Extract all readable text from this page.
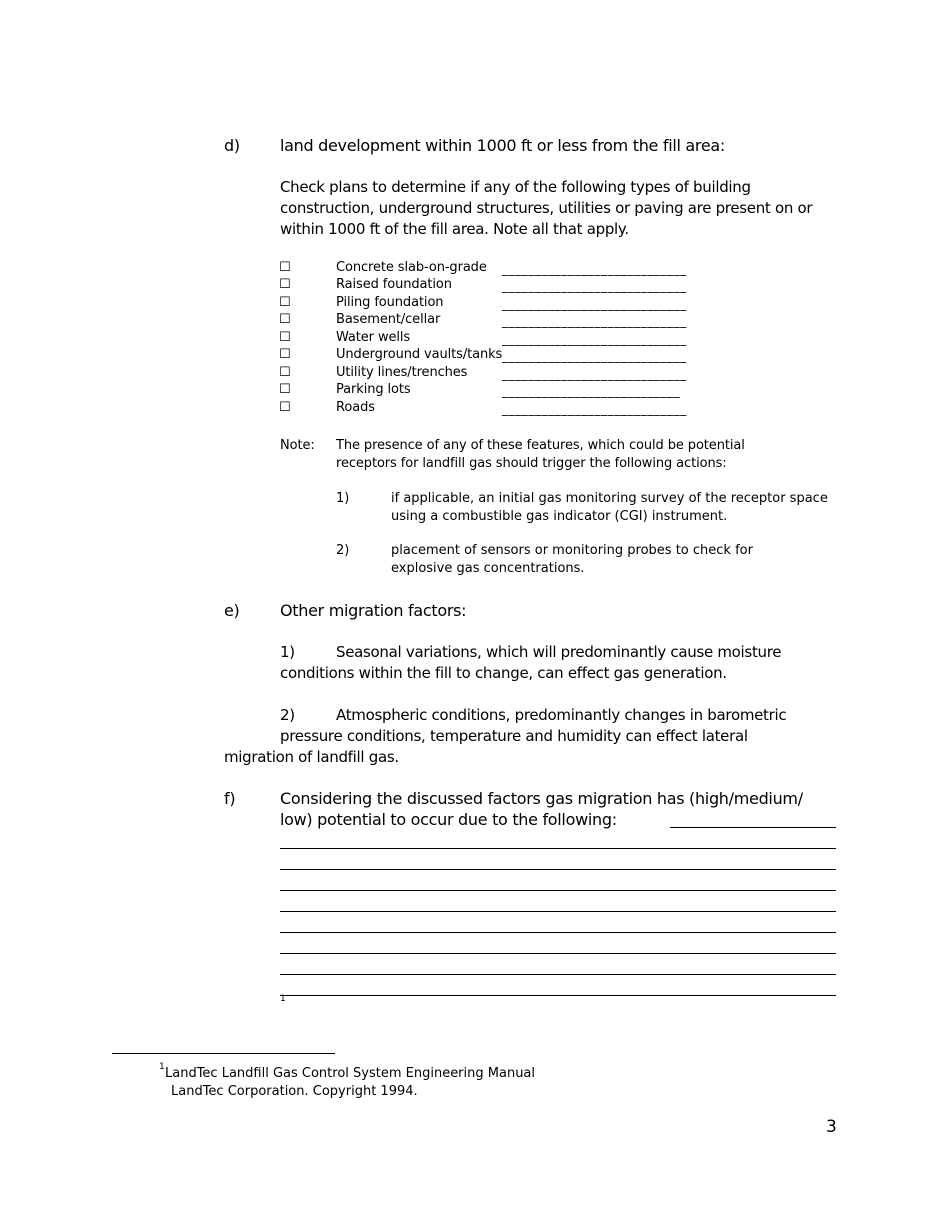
d)	land development within 1000 ft or less from the fill area:
Check plans to determine if any of the following types of building
construction, underground structures, utilities or paving are present on or
within 1000 ft of the fill area. Note all that apply.
☐	Concrete slab-on-grade ____________________________
☐	Raised foundation	____________________________
☐	Piling foundation	____________________________
☐	Basement/cellar	____________________________
☐	Water wells	____________________________
☐	Underground vaults/tanks ____________________________
☐	Utility lines/trenches	____________________________
☐	Parking lots	___________________________
☐	Roads	____________________________
Note: The presence of any of these features, which could be potential
receptors for landfill gas should trigger the following actions:
1)	if applicable, an initial gas monitoring survey of the receptor space
using a combustible gas indicator (CGI) instrument.
2)	placement of sensors or monitoring probes to check for
explosive gas concentrations.
e)	Other migration factors:
1)	Seasonal variations, which will predominantly cause moisture
conditions within the fill to change, can effect gas generation.
2)	Atmospheric conditions, predominantly changes in barometric
pressure conditions, temperature and humidity can effect lateral
migration of landfill gas.
f)	Considering the discussed factors gas migration has (high/medium/
low) potential to occur due to the following:
1
1 LandTec Landfill Gas Control System Engineering Manual
LandTec Corporation. Copyright 1994.
3
